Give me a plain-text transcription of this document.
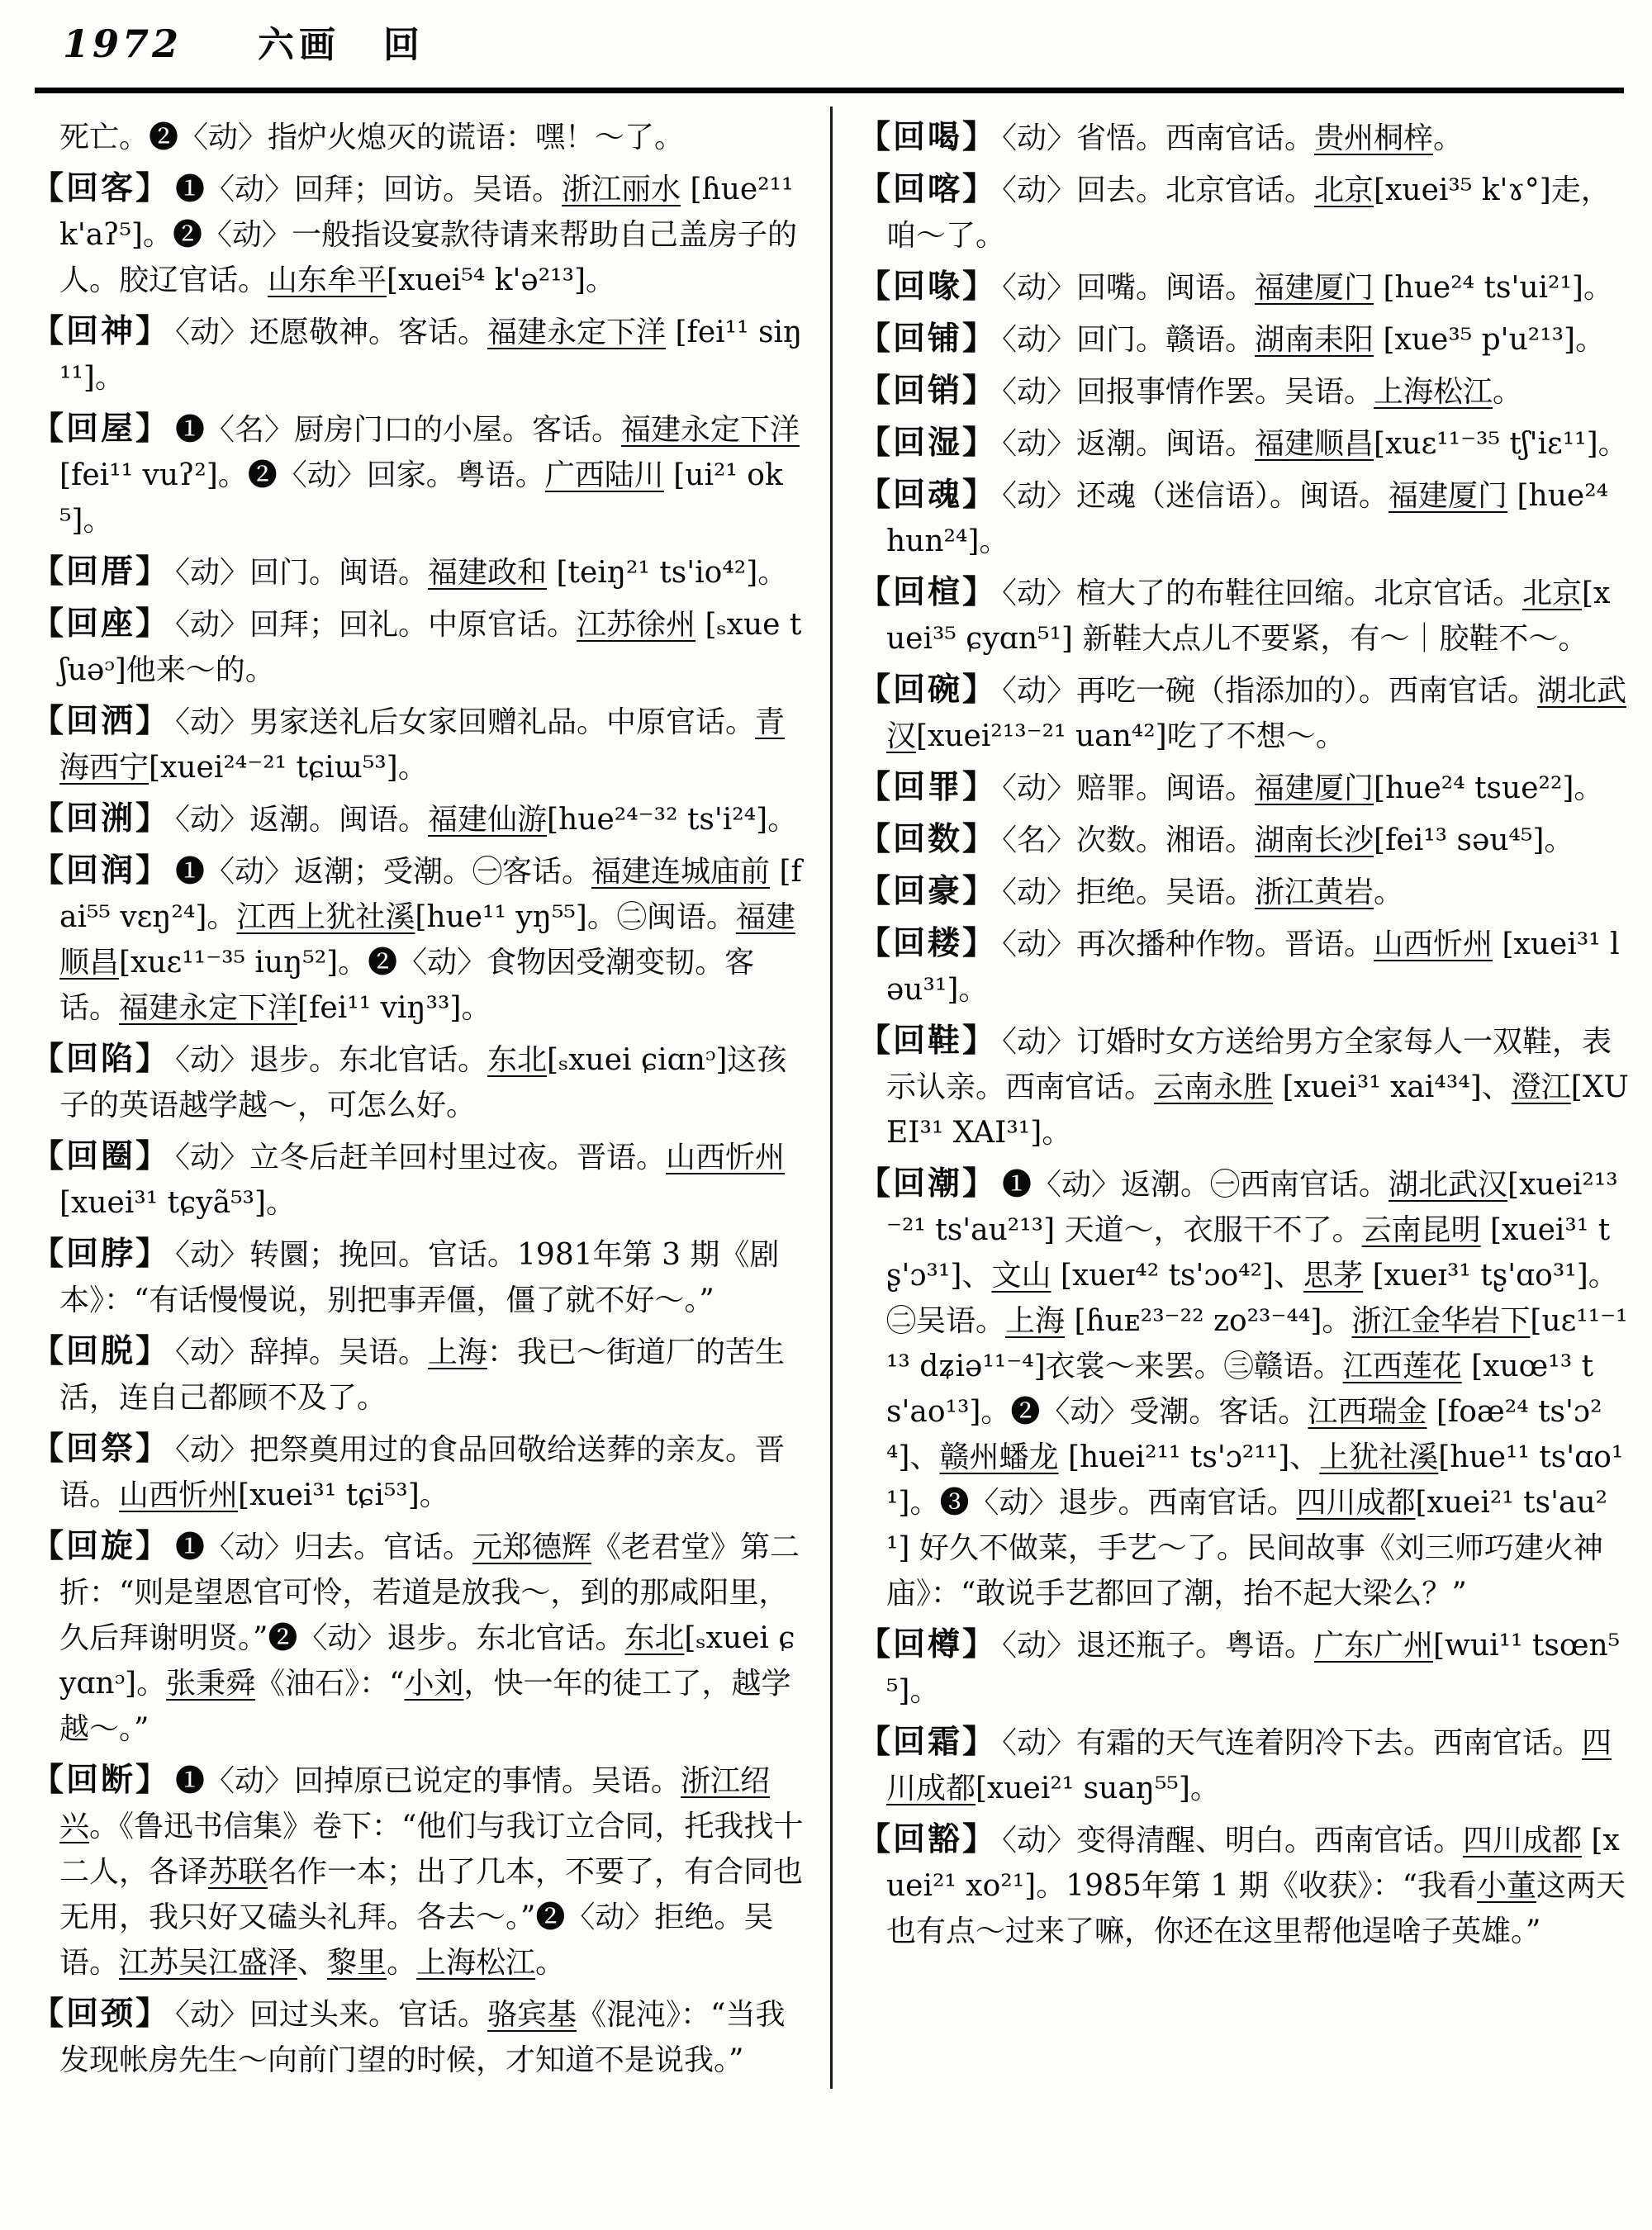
1972 六画 回
死亡。❷〈动〉指炉火熄灭的谎语：嘿！～了。
【回客】 ❶〈动〉回拜；回访。吴语。浙江丽水 [ɦue²¹¹ k'aʔ⁵]。❷〈动〉一般指设宴款待请来帮助自己盖房子的人。胶辽官话。山东牟平[xuei⁵⁴ k'ə²¹³]。
【回神】 〈动〉还愿敬神。客话。福建永定下洋 [fei¹¹ siŋ¹¹]。
【回屋】 ❶〈名〉厨房门口的小屋。客话。福建永定下洋 [fei¹¹ vuʔ²]。❷〈动〉回家。粤语。广西陆川 [ui²¹ ok⁵]。
【回厝】 〈动〉回门。闽语。福建政和 [teiŋ²¹ ts'io⁴²]。
【回座】 〈动〉回拜；回礼。中原官话。江苏徐州 [ₛxue tʃuəᵓ]他来～的。
【回洒】 〈动〉男家送礼后女家回赠礼品。中原官话。青海西宁[xuei²⁴⁻²¹ tɕiɯ⁵³]。
【回渆】 〈动〉返潮。闽语。福建仙游[hue²⁴⁻³² ts'i²⁴]。
【回润】 ❶〈动〉返潮；受潮。㊀客话。福建连城庙前 [fai⁵⁵ vɛŋ²⁴]。江西上犹社溪[hue¹¹ yŋ⁵⁵]。㊁闽语。福建顺昌[xuɛ¹¹⁻³⁵ iuŋ⁵²]。❷〈动〉食物因受潮变韧。客话。福建永定下洋[fei¹¹ viŋ³³]。
【回陷】 〈动〉退步。东北官话。东北[ₛxuei ɕiɑnᵓ]这孩子的英语越学越～，可怎么好。
【回圈】 〈动〉立冬后赶羊回村里过夜。晋语。山西忻州[xuei³¹ tɕyã⁵³]。
【回脖】 〈动〉转圜；挽回。官话。1981年第 3 期《剧本》：“有话慢慢说，别把事弄僵，僵了就不好～。”
【回脱】 〈动〉辞掉。吴语。上海：我已～街道厂的苦生活，连自己都顾不及了。
【回祭】 〈动〉把祭奠用过的食品回敬给送葬的亲友。晋语。山西忻州[xuei³¹ tɕi⁵³]。
【回旋】 ❶〈动〉归去。官话。元郑德辉《老君堂》第二折：“则是望恩官可怜，若道是放我～，到的那咸阳里，久后拜谢明贤。”❷〈动〉退步。东北官话。东北[ₛxuei ɕyɑnᵓ]。张秉舜《油石》：“小刘，快一年的徒工了，越学越～。”
【回断】 ❶〈动〉回掉原已说定的事情。吴语。浙江绍兴。《鲁迅书信集》卷下：“他们与我订立合同，托我找十二人，各译苏联名作一本；出了几本，不要了，有合同也无用，我只好又磕头礼拜。各去～。”❷〈动〉拒绝。吴语。江苏吴江盛泽、黎里。上海松江。
【回颈】 〈动〉回过头来。官话。骆宾基《混沌》：“当我发现帐房先生～向前门望的时候，才知道不是说我。”
【回喝】 〈动〉省悟。西南官话。贵州桐梓。
【回喀】 〈动〉回去。北京官话。北京[xuei³⁵ k'ɤ°]走，咱～了。
【回喙】 〈动〉回嘴。闽语。福建厦门 [hue²⁴ ts'ui²¹]。
【回铺】 〈动〉回门。赣语。湖南耒阳 [xue³⁵ p'u²¹³]。
【回销】 〈动〉回报事情作罢。吴语。上海松江。
【回湿】 〈动〉返潮。闽语。福建顺昌[xuɛ¹¹⁻³⁵ tʃ'iɛ¹¹]。
【回魂】 〈动〉还魂（迷信语）。闽语。福建厦门 [hue²⁴ hun²⁴]。
【回楦】 〈动〉楦大了的布鞋往回缩。北京官话。北京[xuei³⁵ ɕyɑn⁵¹] 新鞋大点儿不要紧，有～｜胶鞋不～。
【回碗】 〈动〉再吃一碗（指添加的）。西南官话。湖北武汉[xuei²¹³⁻²¹ uan⁴²]吃了不想～。
【回罪】 〈动〉赔罪。闽语。福建厦门[hue²⁴ tsue²²]。
【回数】 〈名〉次数。湘语。湖南长沙[fei¹³ səu⁴⁵]。
【回豪】 〈动〉拒绝。吴语。浙江黄岩。
【回耧】 〈动〉再次播种作物。晋语。山西忻州 [xuei³¹ ləu³¹]。
【回鞋】 〈动〉订婚时女方送给男方全家每人一双鞋，表示认亲。西南官话。云南永胜 [xuei³¹ xai⁴³⁴]、澄江[XUEI³¹ XAI³¹]。
【回潮】 ❶〈动〉返潮。㊀西南官话。湖北武汉[xuei²¹³⁻²¹ ts'au²¹³] 天道～，衣服干不了。云南昆明 [xuei³¹ tʂ'ɔ³¹]、文山 [xueɪ⁴² ts'ɔo⁴²]、思茅 [xueɪ³¹ tʂ'ɑo³¹]。㊁吴语。上海 [ɦuᴇ²³⁻²² zo²³⁻⁴⁴]。浙江金华岩下[uɛ¹¹⁻¹¹³ dʑiə¹¹⁻⁴]衣裳～来罢。㊂赣语。江西莲花 [xuœ¹³ ts'ao¹³]。❷〈动〉受潮。客话。江西瑞金 [foæ²⁴ ts'ɔ²⁴]、赣州蟠龙 [huei²¹¹ ts'ɔ²¹¹]、上犹社溪[hue¹¹ ts'ɑo¹¹]。❸〈动〉退步。西南官话。四川成都[xuei²¹ ts'au²¹] 好久不做菜，手艺～了。民间故事《刘三师巧建火神庙》：“敢说手艺都回了潮，抬不起大梁么？”
【回樽】 〈动〉退还瓶子。粤语。广东广州[wui¹¹ tsœn⁵⁵]。
【回霜】 〈动〉有霜的天气连着阴冷下去。西南官话。四川成都[xuei²¹ suaŋ⁵⁵]。
【回豁】 〈动〉变得清醒、明白。西南官话。四川成都 [xuei²¹ xo²¹]。1985年第 1 期《收获》：“我看小董这两天也有点～过来了嘛，你还在这里帮他逞啥子英雄。”
